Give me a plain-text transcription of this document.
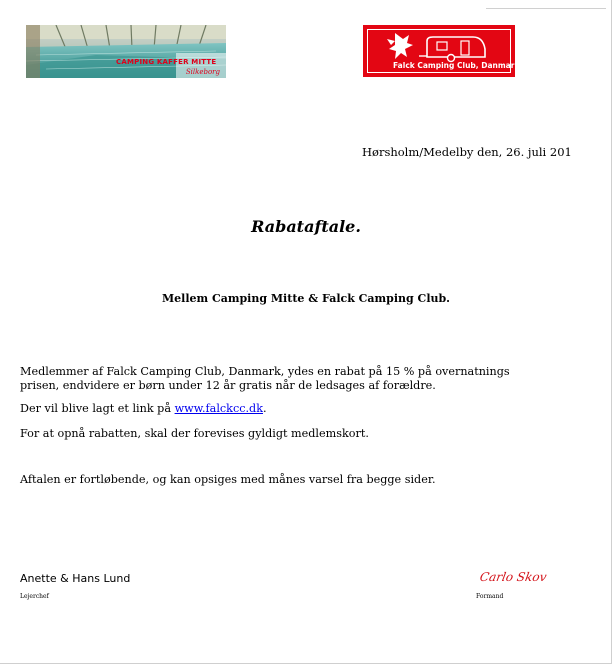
CAMPING KAFFER MITTE
Silkeborg
Falck Camping Club, Danmark
Hørsholm/Medelby den, 26. juli 201
Rabataftale.
Mellem Camping Mitte & Falck Camping Club.
Medlemmer af Falck Camping Club, Danmark, ydes en rabat på 15 % på overnatnings
prisen, endvidere er børn under 12 år gratis når de ledsages af forældre.
Der vil blive lagt et link på www.falckcc.dk.
For at opnå rabatten, skal der forevises gyldigt medlemskort.
Aftalen er fortløbende, og kan opsiges med månes varsel fra begge sider.
Anette & Hans Lund
Lejerchef
Carlo Skov
Formand
